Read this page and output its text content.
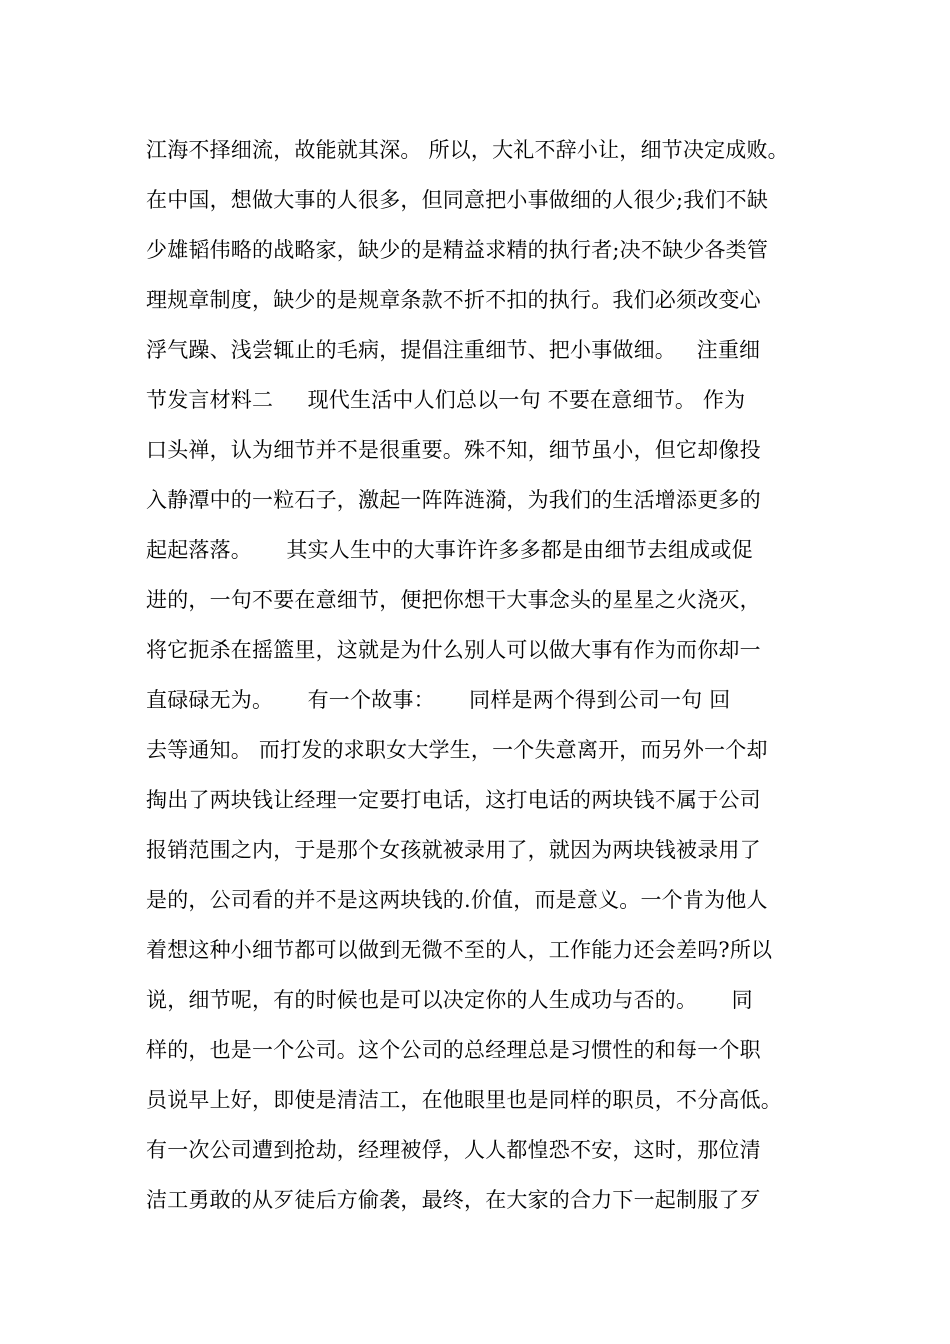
江海不择细流，故能就其深。 所以，大礼不辞小让，细节决定成败。
在中国，想做大事的人很多，但同意把小事做细的人很少;我们不缺
少雄韬伟略的战略家，缺少的是精益求精的执行者;决不缺少各类管
理规章制度，缺少的是规章条款不折不扣的执行。我们必须改变心
浮气躁、浅尝辄止的毛病，提倡注重细节、把小事做细。   注重细
节发言材料二     现代生活中人们总以一句 不要在意细节。 作为
口头禅，认为细节并不是很重要。殊不知，细节虽小，但它却像投
入静潭中的一粒石子，激起一阵阵涟漪，为我们的生活增添更多的
起起落落。     其实人生中的大事许许多多都是由细节去组成或促
进的，一句不要在意细节，便把你想干大事念头的星星之火浇灭，
将它扼杀在摇篮里，这就是为什么别人可以做大事有作为而你却一
直碌碌无为。     有一个故事：     同样是两个得到公司一句 回
去等通知。 而打发的求职女大学生，一个失意离开，而另外一个却
掏出了两块钱让经理一定要打电话，这打电话的两块钱不属于公司
报销范围之内，于是那个女孩就被录用了，就因为两块钱被录用了
是的，公司看的并不是这两块钱的.价值，而是意义。一个肯为他人
着想这种小细节都可以做到无微不至的人，工作能力还会差吗?所以
说，细节呢，有的时候也是可以决定你的人生成功与否的。     同
样的，也是一个公司。这个公司的总经理总是习惯性的和每一个职
员说早上好，即使是清洁工，在他眼里也是同样的职员，不分高低。
有一次公司遭到抢劫，经理被俘，人人都惶恐不安，这时，那位清
洁工勇敢的从歹徒后方偷袭，最终，在大家的合力下一起制服了歹
